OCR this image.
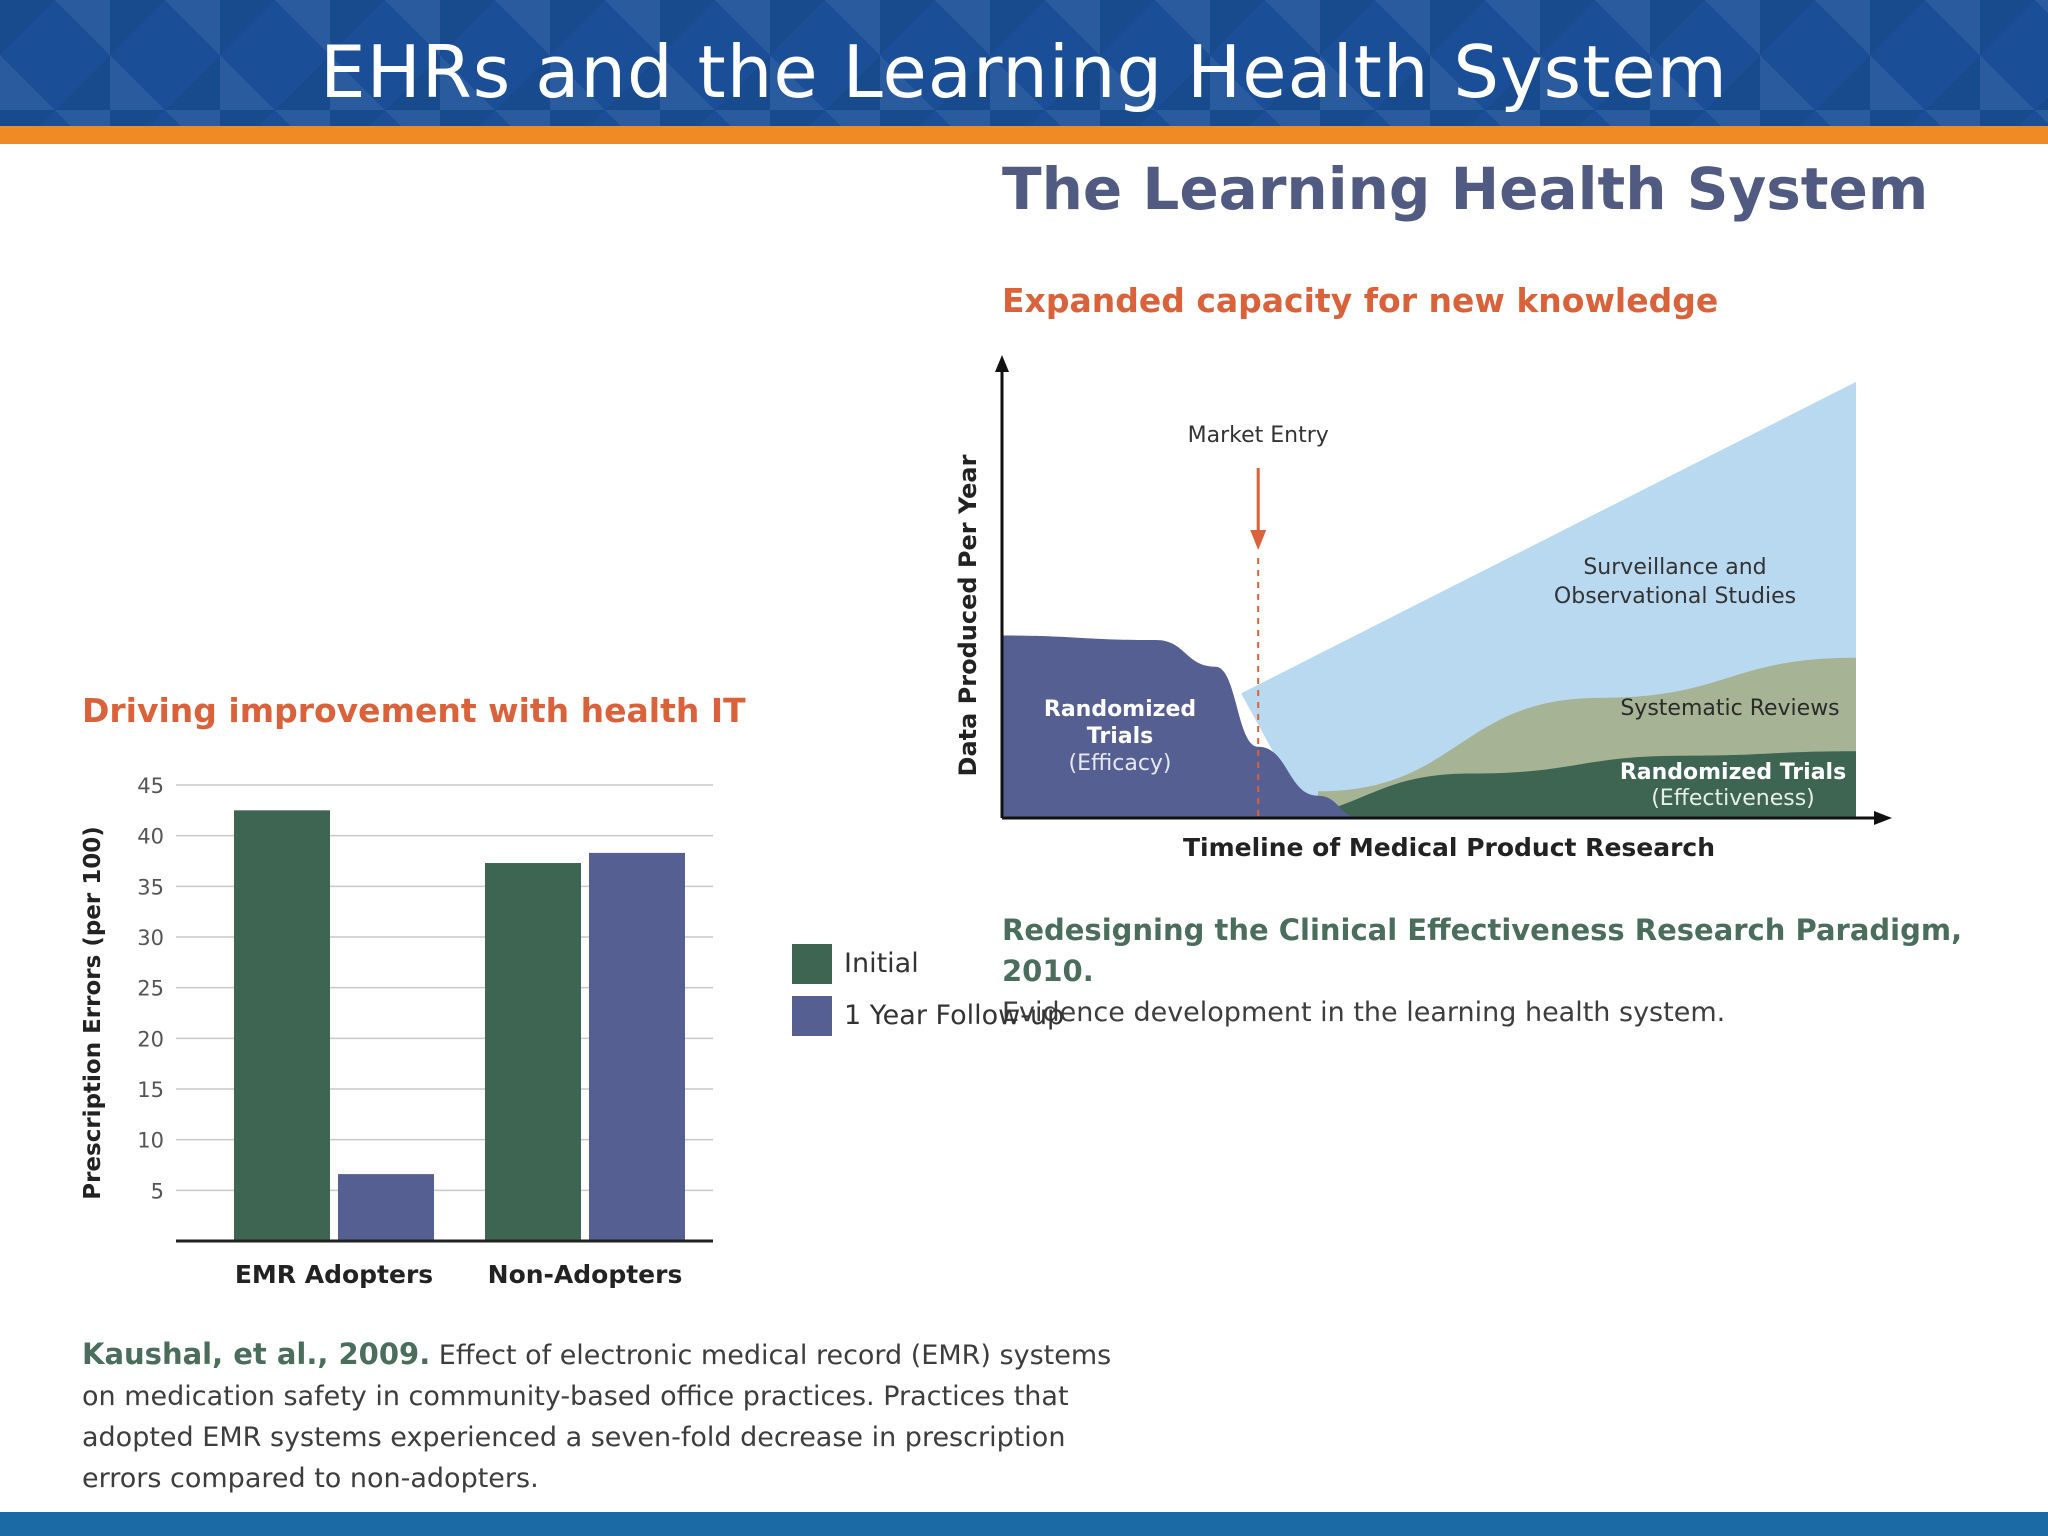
EHRs and the Learning Health System
The Learning Health System
Expanded capacity for new knowledge
Market Entry
Data Produced Per Year
Timeline of Medical Product Research
Randomized
Trials
(Efficacy)
Surveillance and
Observational Studies
Systematic Reviews
Randomized Trials
(Effectiveness)
Redesigning the Clinical Effectiveness Research Paradigm, 2010.
Evidence development in the learning health system.
Driving improvement with health IT
5
10
15
20
25
30
35
40
45
EMR Adopters Non-Adopters
Prescription Errors (per 100)	Initial
1 Year Follow-up
Kaushal, et al., 2009. Effect of electronic medical record (EMR) systems
on medication safety in community-based office practices. Practices that
adopted EMR systems experienced a seven-fold decrease in prescription
errors compared to non-adopters.
